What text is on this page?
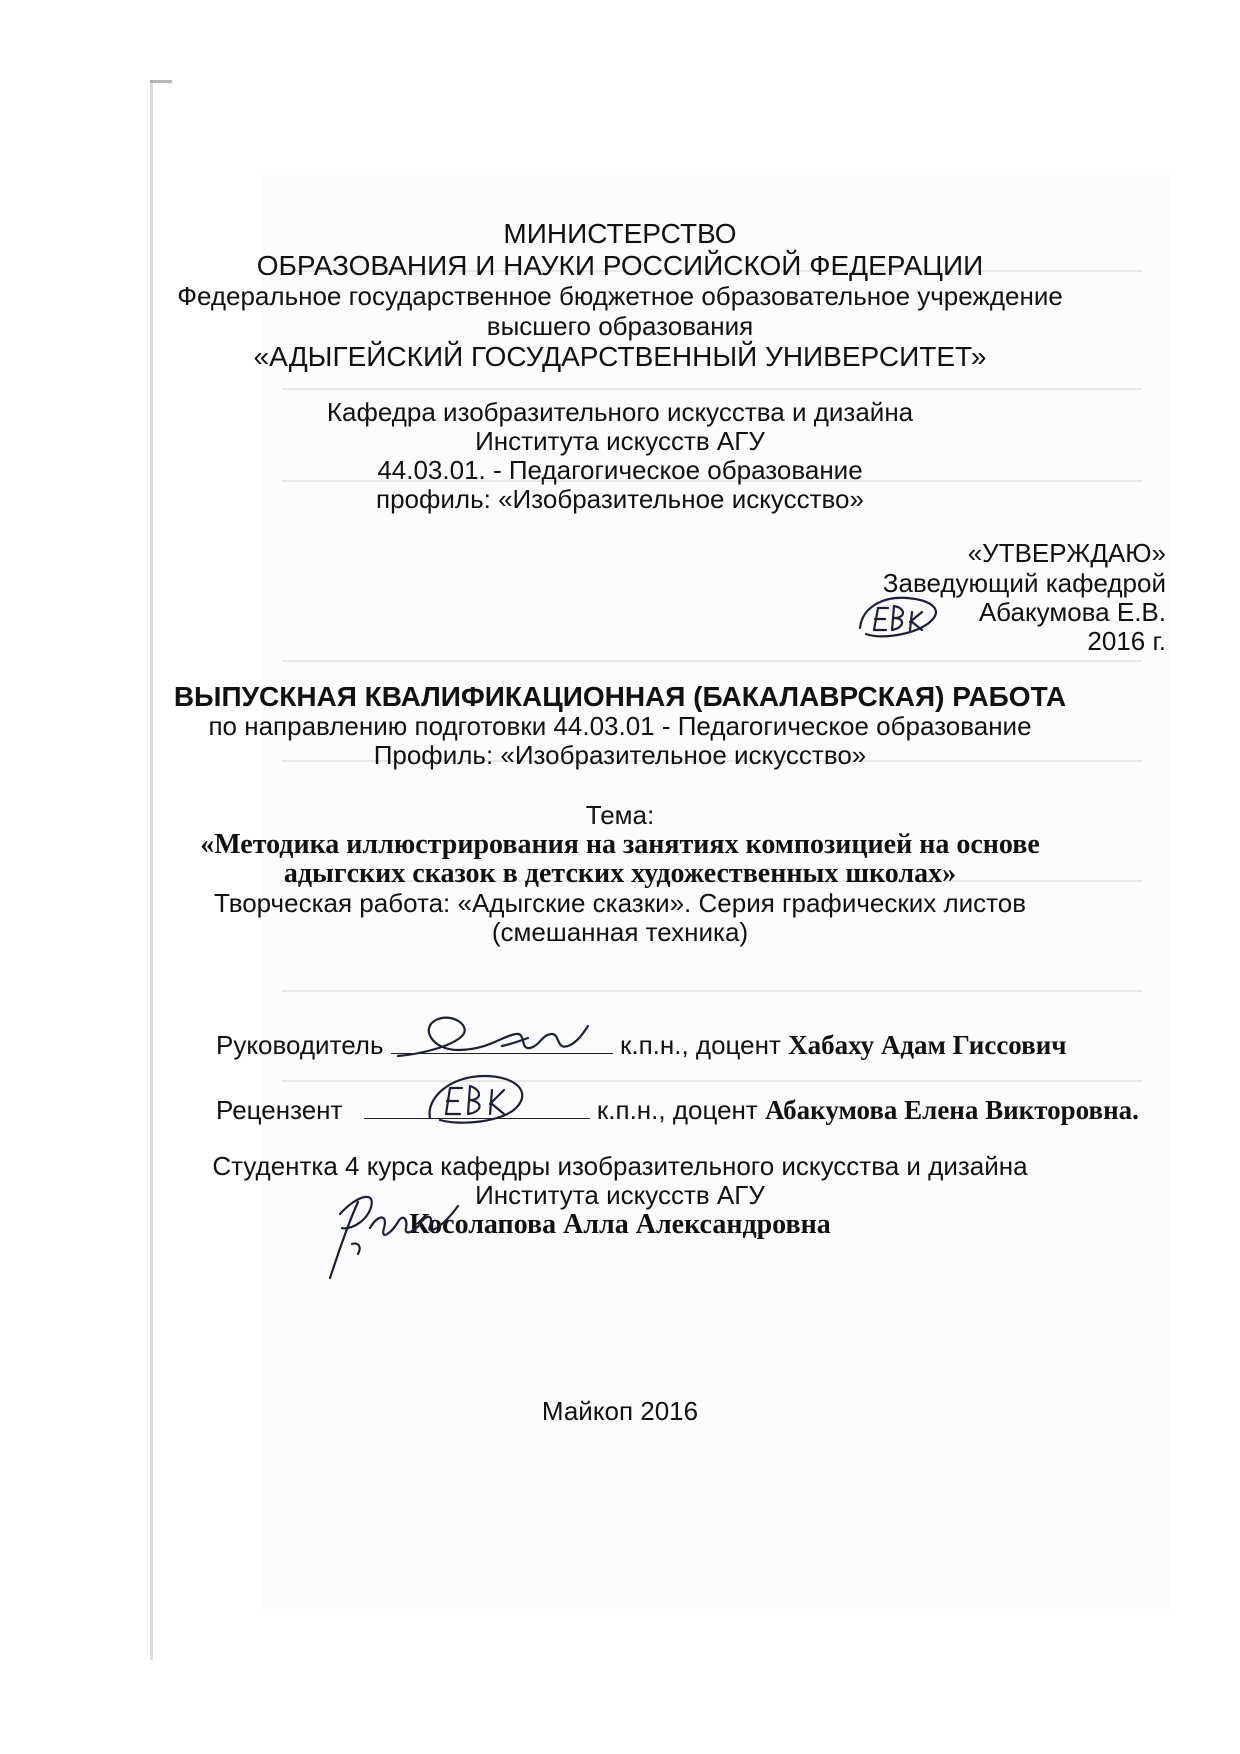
МИНИСТЕРСТВО
ОБРАЗОВАНИЯ И НАУКИ РОССИЙСКОЙ ФЕДЕРАЦИИ
Федеральное государственное бюджетное образовательное учреждение
высшего образования
«АДЫГЕЙСКИЙ ГОСУДАРСТВЕННЫЙ УНИВЕРСИТЕТ»
Кафедра изобразительного искусства и дизайна
Института искусств АГУ
44.03.01. - Педагогическое образование
профиль: «Изобразительное искусство»
«УТВЕРЖДАЮ»
Заведующий кафедрой
Абакумова Е.В.
2016 г.
ВЫПУСКНАЯ КВАЛИФИКАЦИОННАЯ (БАКАЛАВРСКАЯ) РАБОТА
по направлению подготовки 44.03.01 - Педагогическое образование
Профиль: «Изобразительное искусство»
Тема:
«Методика иллюстрирования на занятиях композицией на основе
адыгских сказок в детских художественных школах»
Творческая работа: «Адыгские сказки». Серия графических листов
(смешанная техника)
Руководитель	к.п.н., доцент Хабаху Адам Гиссович
Рецензент	к.п.н., доцент Абакумова Елена Викторовна.
Студентка 4 курса кафедры изобразительного искусства и дизайна
Института искусств АГУ
Косолапова Алла Александровна
Майкоп 2016
